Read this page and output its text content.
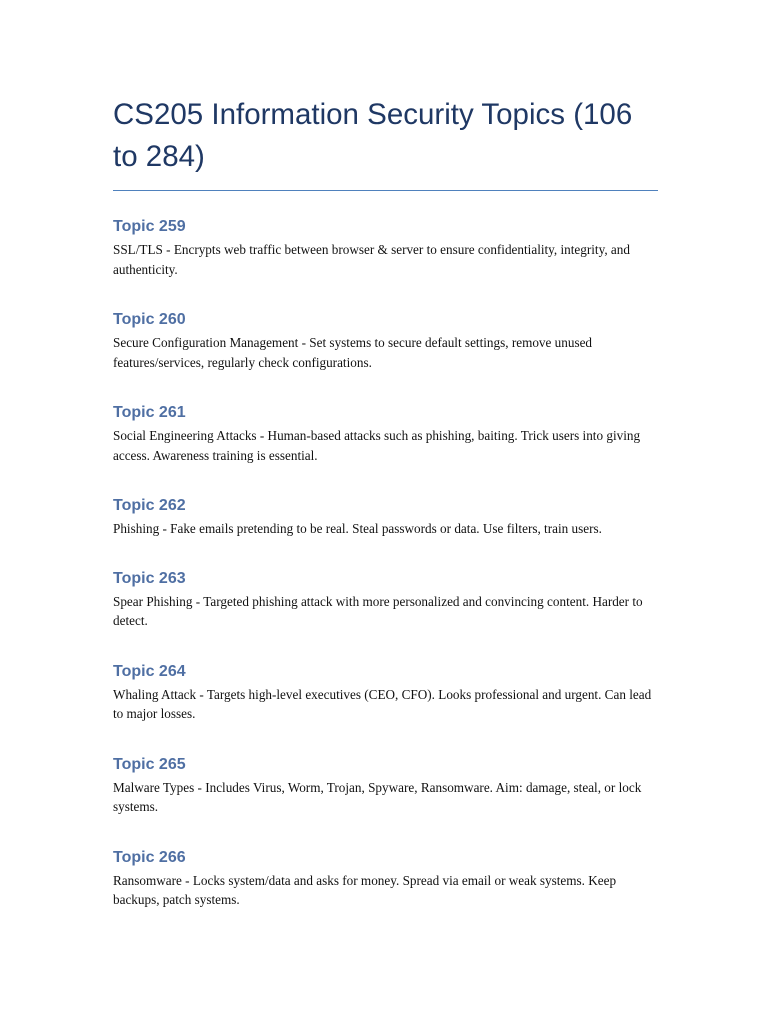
CS205 Information Security Topics (106 to 284)
Topic 259

SSL/TLS - Encrypts web traffic between browser & server to ensure confidentiality, integrity, and authenticity.

Topic 260

Secure Configuration Management - Set systems to secure default settings, remove unused features/services, regularly check configurations.

Topic 261

Social Engineering Attacks - Human-based attacks such as phishing, baiting. Trick users into giving access. Awareness training is essential.

Topic 262

Phishing - Fake emails pretending to be real. Steal passwords or data. Use filters, train users.

Topic 263

Spear Phishing - Targeted phishing attack with more personalized and convincing content. Harder to detect.

Topic 264

Whaling Attack - Targets high-level executives (CEO, CFO). Looks professional and urgent. Can lead to major losses.

Topic 265

Malware Types - Includes Virus, Worm, Trojan, Spyware, Ransomware. Aim: damage, steal, or lock systems.

Topic 266

Ransomware - Locks system/data and asks for money. Spread via email or weak systems. Keep backups, patch systems.
